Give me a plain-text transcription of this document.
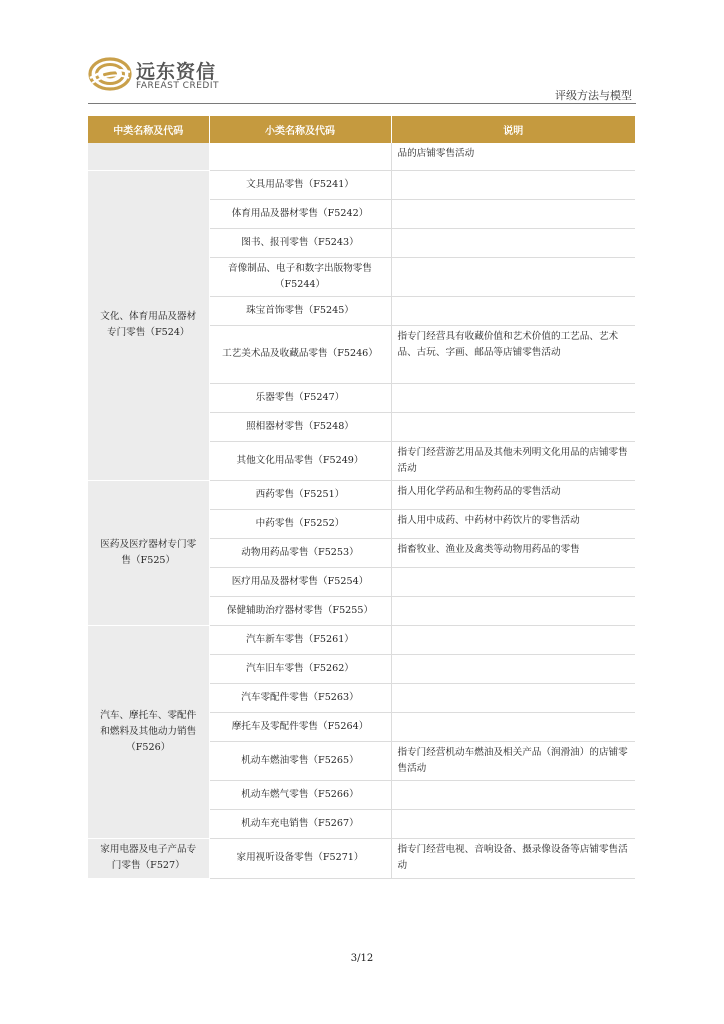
远东资信
FAREAST CREDIT
评级方法与模型
中类名称及代码	小类名称及代码	说明
		品的店铺零售活动
文化、体育用品及器材专门零售（F524）	文具用品零售（F5241）	
	体育用品及器材零售（F5242）	
	图书、报刊零售（F5243）	
	音像制品、电子和数字出版物零售（F5244）	
	珠宝首饰零售（F5245）	
	工艺美术品及收藏品零售（F5246）	指专门经营具有收藏价值和艺术价值的工艺品、艺术品、古玩、字画、邮品等店铺零售活动
	乐器零售（F5247）	
	照相器材零售（F5248）	
	其他文化用品零售（F5249）	指专门经营游艺用品及其他未列明文化用品的店铺零售活动
医药及医疗器材专门零售（F525）	西药零售（F5251）	指人用化学药品和生物药品的零售活动
	中药零售（F5252）	指人用中成药、中药材中药饮片的零售活动
	动物用药品零售（F5253）	指畜牧业、渔业及禽类等动物用药品的零售
	医疗用品及器材零售（F5254）	
	保健辅助治疗器材零售（F5255）	
汽车、摩托车、零配件和燃料及其他动力销售（F526）	汽车新车零售（F5261）	
	汽车旧车零售（F5262）	
	汽车零配件零售（F5263）	
	摩托车及零配件零售（F5264）	
	机动车燃油零售（F5265）	指专门经营机动车燃油及相关产品（润滑油）的店铺零售活动
	机动车燃气零售（F5266）	
	机动车充电销售（F5267）	
家用电器及电子产品专门零售（F527）	家用视听设备零售（F5271）	指专门经营电视、音响设备、摄录像设备等店铺零售活动
3/12
